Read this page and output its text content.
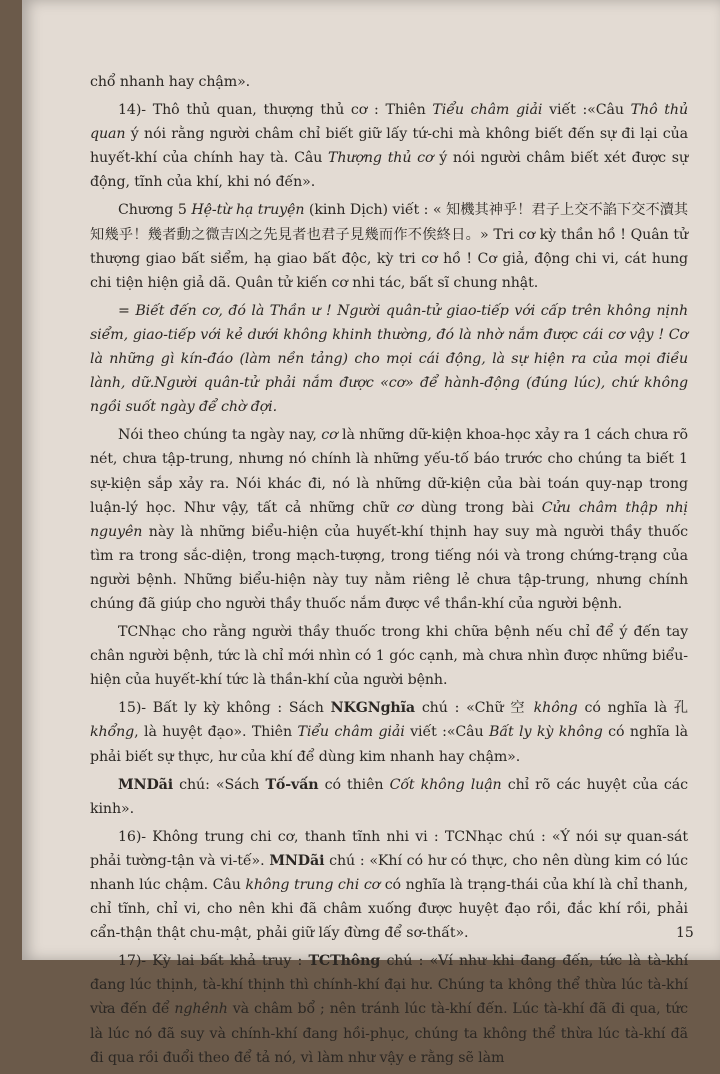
chổ nhanh hay chậm».

14)- Thô thủ quan, thượng thủ cơ : Thiên Tiểu châm giải viết :«Câu Thô thủ quan ý nói rằng người châm chỉ biết giữ lấy tứ-chi mà không biết đến sự đi lại của huyết-khí của chính hay tà. Câu Thượng thủ cơ ý nói người châm biết xét được sự động, tĩnh của khí, khi nó đến».

Chương 5 Hệ-từ hạ truyện (kinh Dịch) viết : « 知機其神乎！君子上交不諂下交不瀆其知幾乎！幾者動之微吉凶之先見者也君子見幾而作不俟終日。» Tri cơ kỳ thần hồ ! Quân tử thượng giao bất siểm, hạ giao bất độc, kỳ tri cơ hồ ! Cơ giả, động chi vi, cát hung chi tiện hiện giả dã. Quân tử kiến cơ nhi tác, bất sĩ chung nhật.

= Biết đến cơ, đó là Thần ư ! Người quân-tử giao-tiếp với cấp trên không nịnh siểm, giao-tiếp với kẻ dưới không khinh thường, đó là nhờ nắm được cái cơ vậy ! Cơ là những gì kín-đáo (làm nền tảng) cho mọi cái động, là sự hiện ra của mọi điều lành, dữ.Người quân-tử phải nắm được «cơ» để hành-động (đúng lúc), chứ không ngồi suốt ngày để chờ đợi.

Nói theo chúng ta ngày nay, cơ là những dữ-kiện khoa-học xảy ra 1 cách chưa rõ nét, chưa tập-trung, nhưng nó chính là những yếu-tố báo trước cho chúng ta biết 1 sự-kiện sắp xảy ra. Nói khác đi, nó là những dữ-kiện của bài toán quy-nạp trong luận-lý học. Như vậy, tất cả những chữ cơ dùng trong bài Cửu châm thập nhị nguyên này là những biểu-hiện của huyết-khí thịnh hay suy mà người thầy thuốc tìm ra trong sắc-diện, trong mạch-tượng, trong tiếng nói và trong chứng-trạng của người bệnh. Những biểu-hiện này tuy nằm riêng lẻ chưa tập-trung, nhưng chính chúng đã giúp cho người thầy thuốc nắm được về thần-khí của người bệnh.

TCNhạc cho rằng người thầy thuốc trong khi chữa bệnh nếu chỉ để ý đến tay chân người bệnh, tức là chỉ mới nhìn có 1 góc cạnh, mà chưa nhìn được những biểu-hiện của huyết-khí tức là thần-khí của người bệnh.

15)- Bất ly kỳ không : Sách NKGNghĩa chú : «Chữ 空 không có nghĩa là 孔 khổng, là huyệt đạo». Thiên Tiểu châm giải viết :«Câu Bất ly kỳ không có nghĩa là phải biết sự thực, hư của khí để dùng kim nhanh hay chậm».

MNDãi chú: «Sách Tố-vấn có thiên Cốt không luận chỉ rõ các huyệt của các kinh».

16)- Không trung chi cơ, thanh tĩnh nhi vi : TCNhạc chú : «Ý nói sự quan-sát phải tường-tận và vi-tế». MNDãi chú : «Khí có hư có thực, cho nên dùng kim có lúc nhanh lúc chậm. Câu không trung chi cơ có nghĩa là trạng-thái của khí là chỉ thanh, chỉ tĩnh, chỉ vi, cho nên khi đã châm xuống được huyệt đạo rồi, đắc khí rồi, phải cẩn-thận thật chu-mật, phải giữ lấy đừng để sơ-thất».

17)- Kỳ lai bất khả truy : TCThông chú : «Ví như khi đang đến, tức là tà-khí đang lúc thịnh, tà-khí thịnh thì chính-khí đại hư. Chúng ta không thể thừa lúc tà-khí vừa đến để nghênh và châm bổ ; nên tránh lúc tà-khí đến. Lúc tà-khí đã đi qua, tức là lúc nó đã suy và chính-khí đang hồi-phục, chúng ta không thể thừa lúc tà-khí đã đi qua rồi đuổi theo để tả nó, vì làm như vậy e rằng sẽ làm

15
